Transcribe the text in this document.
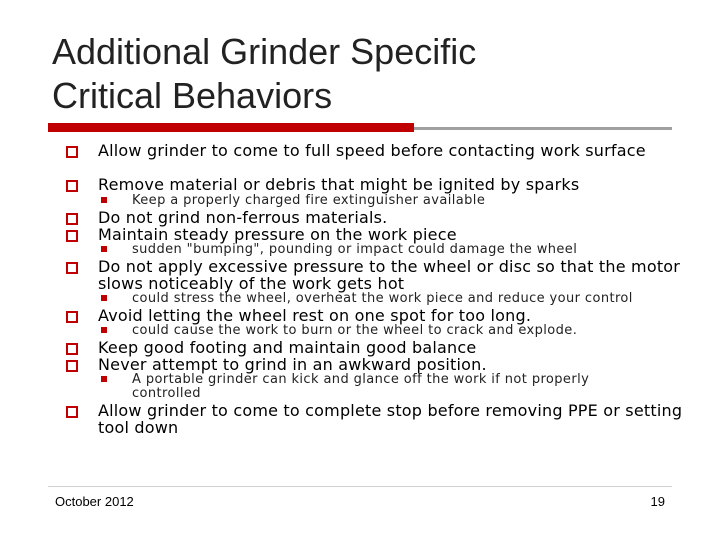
Additional Grinder Specific
Critical Behaviors
Allow grinder to come to full speed before contacting work surface
Remove material or debris that might be ignited by sparks
Keep a properly charged fire extinguisher available
Do not grind non-ferrous materials.
Maintain steady pressure on the work piece
sudden "bumping", pounding or impact could damage the wheel
Do not apply excessive pressure to the wheel or disc so that the motor slows noticeably of the work gets hot
could stress the wheel, overheat the work piece and reduce your control
Avoid letting the wheel rest on one spot for too long.
could cause the work to burn or the wheel to crack and explode.
Keep good footing and maintain good balance
Never attempt to grind in an awkward position.
A portable grinder can kick and glance off the work if not properly controlled
Allow grinder to come to complete stop before removing PPE or setting tool down
October 2012	19
